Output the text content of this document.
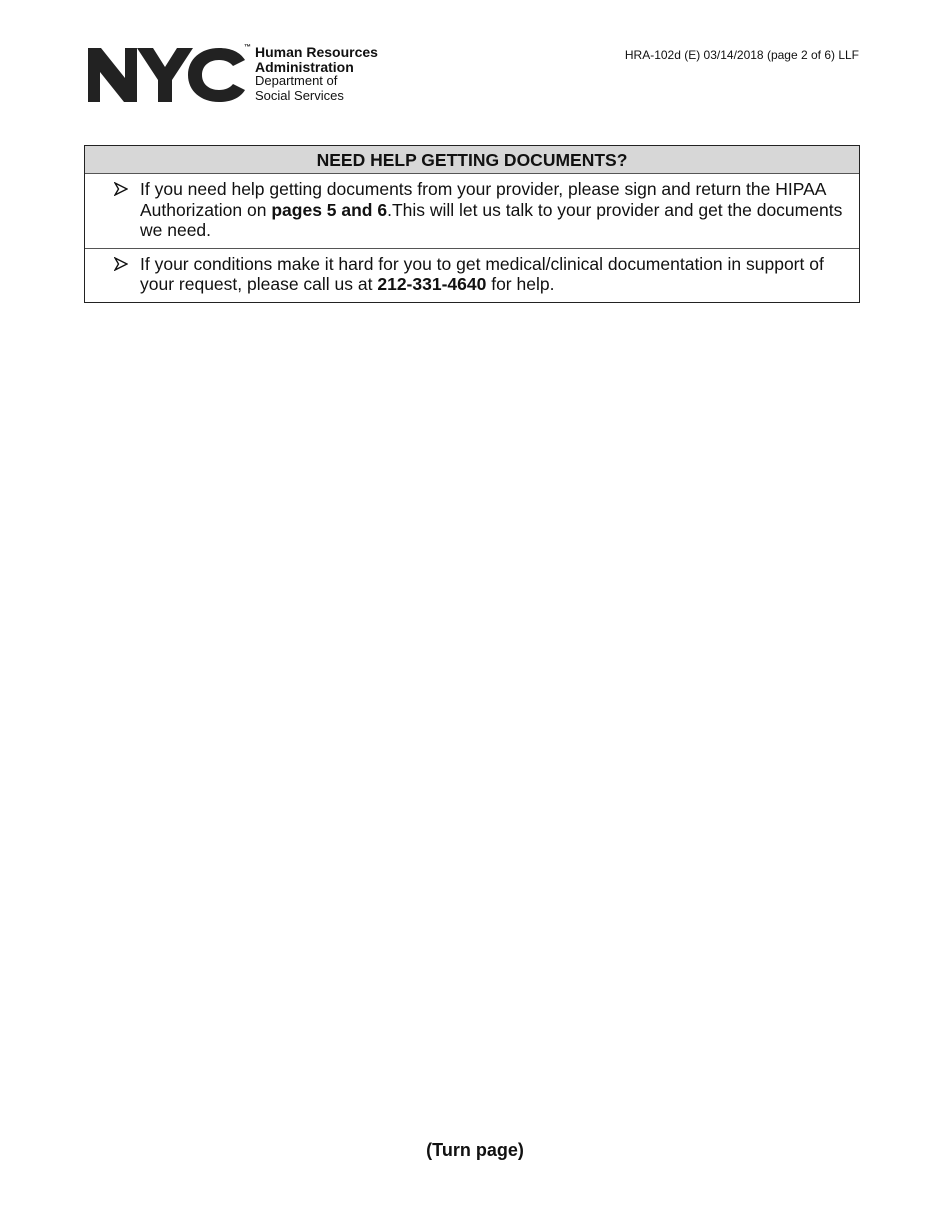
™ Human Resources
Administration
Department of
Social Services
HRA-102d (E) 03/14/2018 (page 2 of 6) LLF
NEED HELP GETTING DOCUMENTS?
If you need help getting documents from your provider, please sign and return the HIPAA Authorization on pages 5 and 6.This will let us talk to your provider and get the documents we need.
If your conditions make it hard for you to get medical/clinical documentation in support of your request, please call us at 212-331-4640 for help.
(Turn page)
